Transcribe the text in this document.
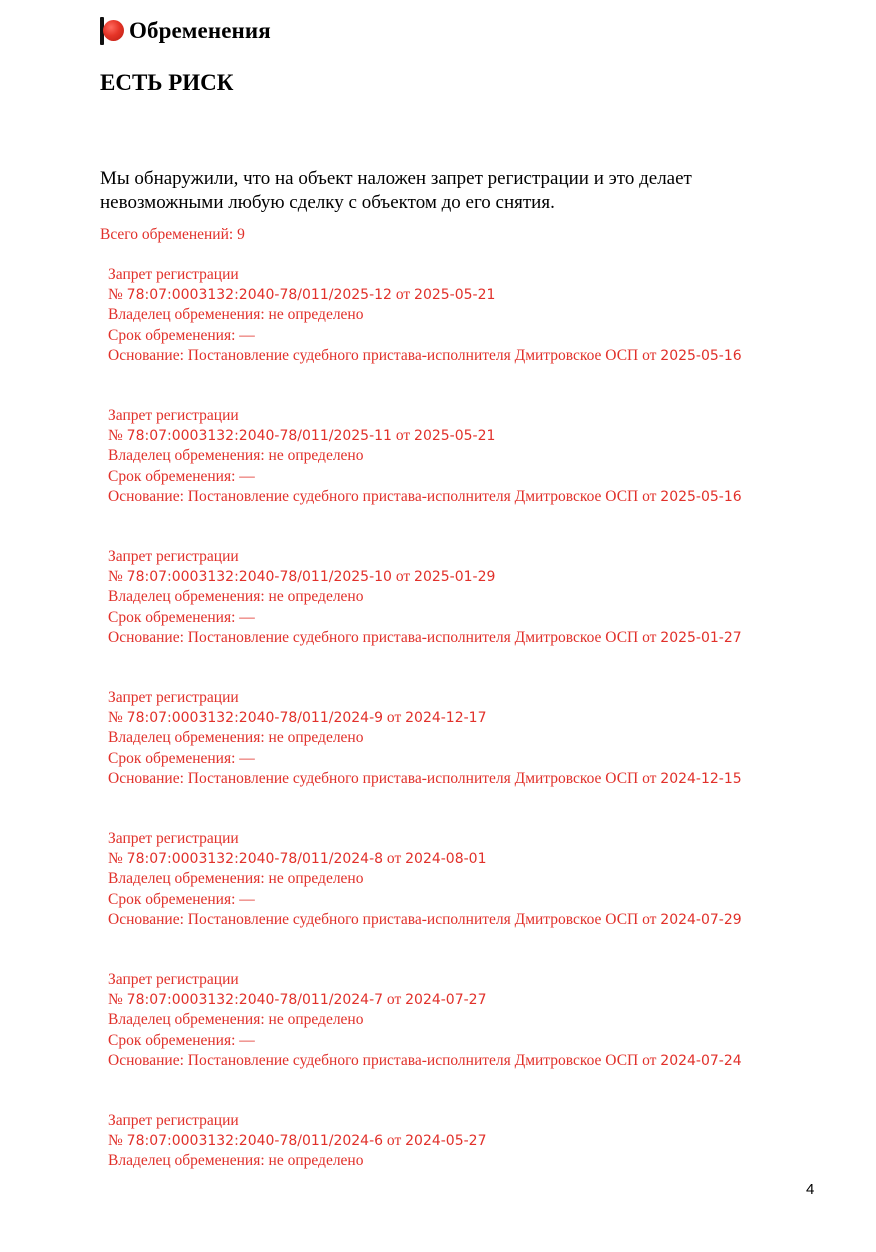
Обременения
ЕСТЬ РИСК
Мы обнаружили, что на объект наложен запрет регистрации и это делает невозможными любую сделку с объектом до его снятия.
Всего обременений: 9
Запрет регистрации
№ 78:07:0003132:2040-78/011/2025-12 от 2025-05-21
Владелец обременения: не определено
Срок обременения: —
Основание: Постановление судебного пристава-исполнителя Дмитровское ОСП от 2025-05-16
Запрет регистрации
№ 78:07:0003132:2040-78/011/2025-11 от 2025-05-21
Владелец обременения: не определено
Срок обременения: —
Основание: Постановление судебного пристава-исполнителя Дмитровское ОСП от 2025-05-16
Запрет регистрации
№ 78:07:0003132:2040-78/011/2025-10 от 2025-01-29
Владелец обременения: не определено
Срок обременения: —
Основание: Постановление судебного пристава-исполнителя Дмитровское ОСП от 2025-01-27
Запрет регистрации
№ 78:07:0003132:2040-78/011/2024-9 от 2024-12-17
Владелец обременения: не определено
Срок обременения: —
Основание: Постановление судебного пристава-исполнителя Дмитровское ОСП от 2024-12-15
Запрет регистрации
№ 78:07:0003132:2040-78/011/2024-8 от 2024-08-01
Владелец обременения: не определено
Срок обременения: —
Основание: Постановление судебного пристава-исполнителя Дмитровское ОСП от 2024-07-29
Запрет регистрации
№ 78:07:0003132:2040-78/011/2024-7 от 2024-07-27
Владелец обременения: не определено
Срок обременения: —
Основание: Постановление судебного пристава-исполнителя Дмитровское ОСП от 2024-07-24
Запрет регистрации
№ 78:07:0003132:2040-78/011/2024-6 от 2024-05-27
Владелец обременения: не определено
4
